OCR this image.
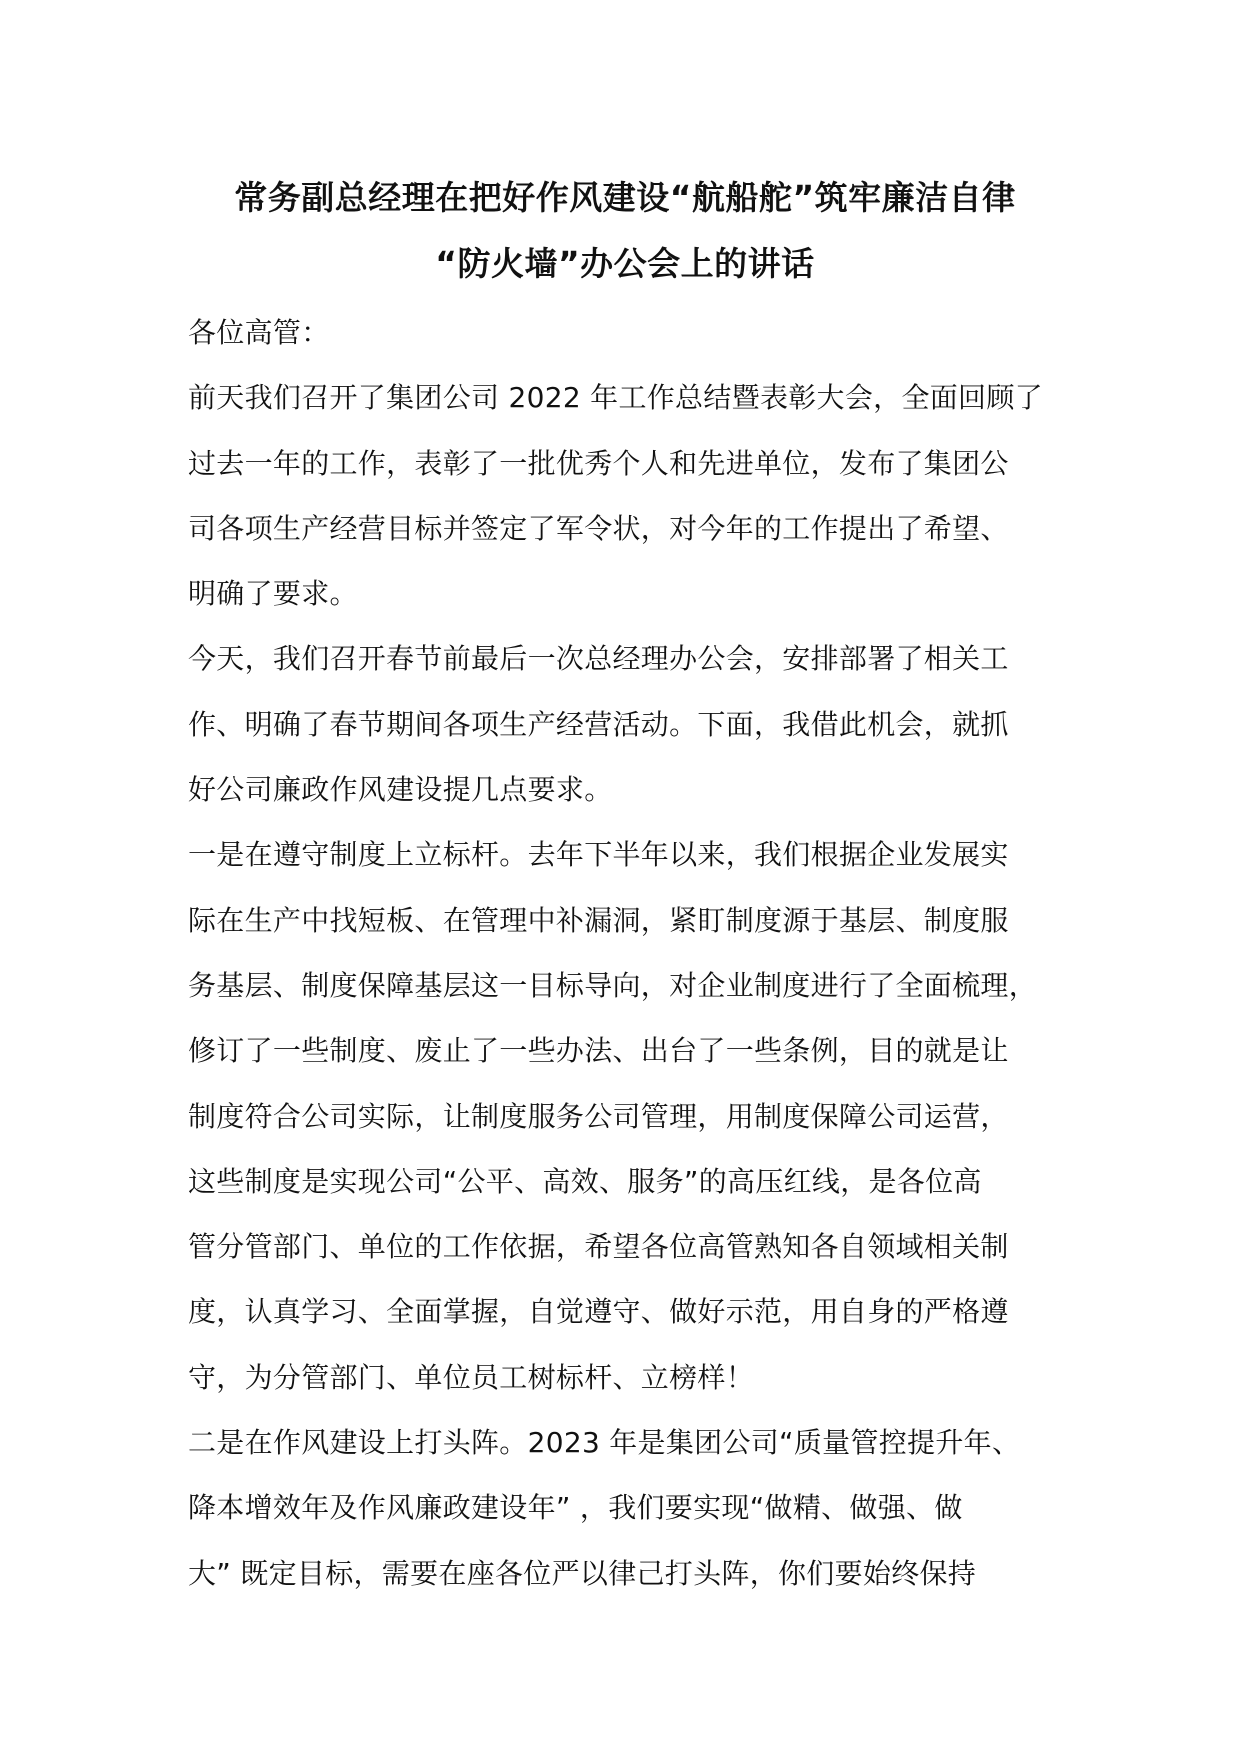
常务副总经理在把好作风建设“航船舵”筑牢廉洁自律
“防火墙”办公会上的讲话
各位高管：
前天我们召开了集团公司 2022 年工作总结暨表彰大会，全面回顾了
过去一年的工作，表彰了一批优秀个人和先进单位，发布了集团公
司各项生产经营目标并签定了军令状，对今年的工作提出了希望、
明确了要求。
今天，我们召开春节前最后一次总经理办公会，安排部署了相关工
作、明确了春节期间各项生产经营活动。下面，我借此机会，就抓
好公司廉政作风建设提几点要求。
一是在遵守制度上立标杆。去年下半年以来，我们根据企业发展实
际在生产中找短板、在管理中补漏洞，紧盯制度源于基层、制度服
务基层、制度保障基层这一目标导向，对企业制度进行了全面梳理，
修订了一些制度、废止了一些办法、出台了一些条例，目的就是让
制度符合公司实际，让制度服务公司管理，用制度保障公司运营，
这些制度是实现公司“公平、高效、服务”的高压红线，是各位高
管分管部门、单位的工作依据，希望各位高管熟知各自领域相关制
度，认真学习、全面掌握，自觉遵守、做好示范，用自身的严格遵
守，为分管部门、单位员工树标杆、立榜样！
二是在作风建设上打头阵。2023 年是集团公司“质量管控提升年、
降本增效年及作风廉政建设年” ，我们要实现“做精、做强、做
大” 既定目标，需要在座各位严以律己打头阵，你们要始终保持
